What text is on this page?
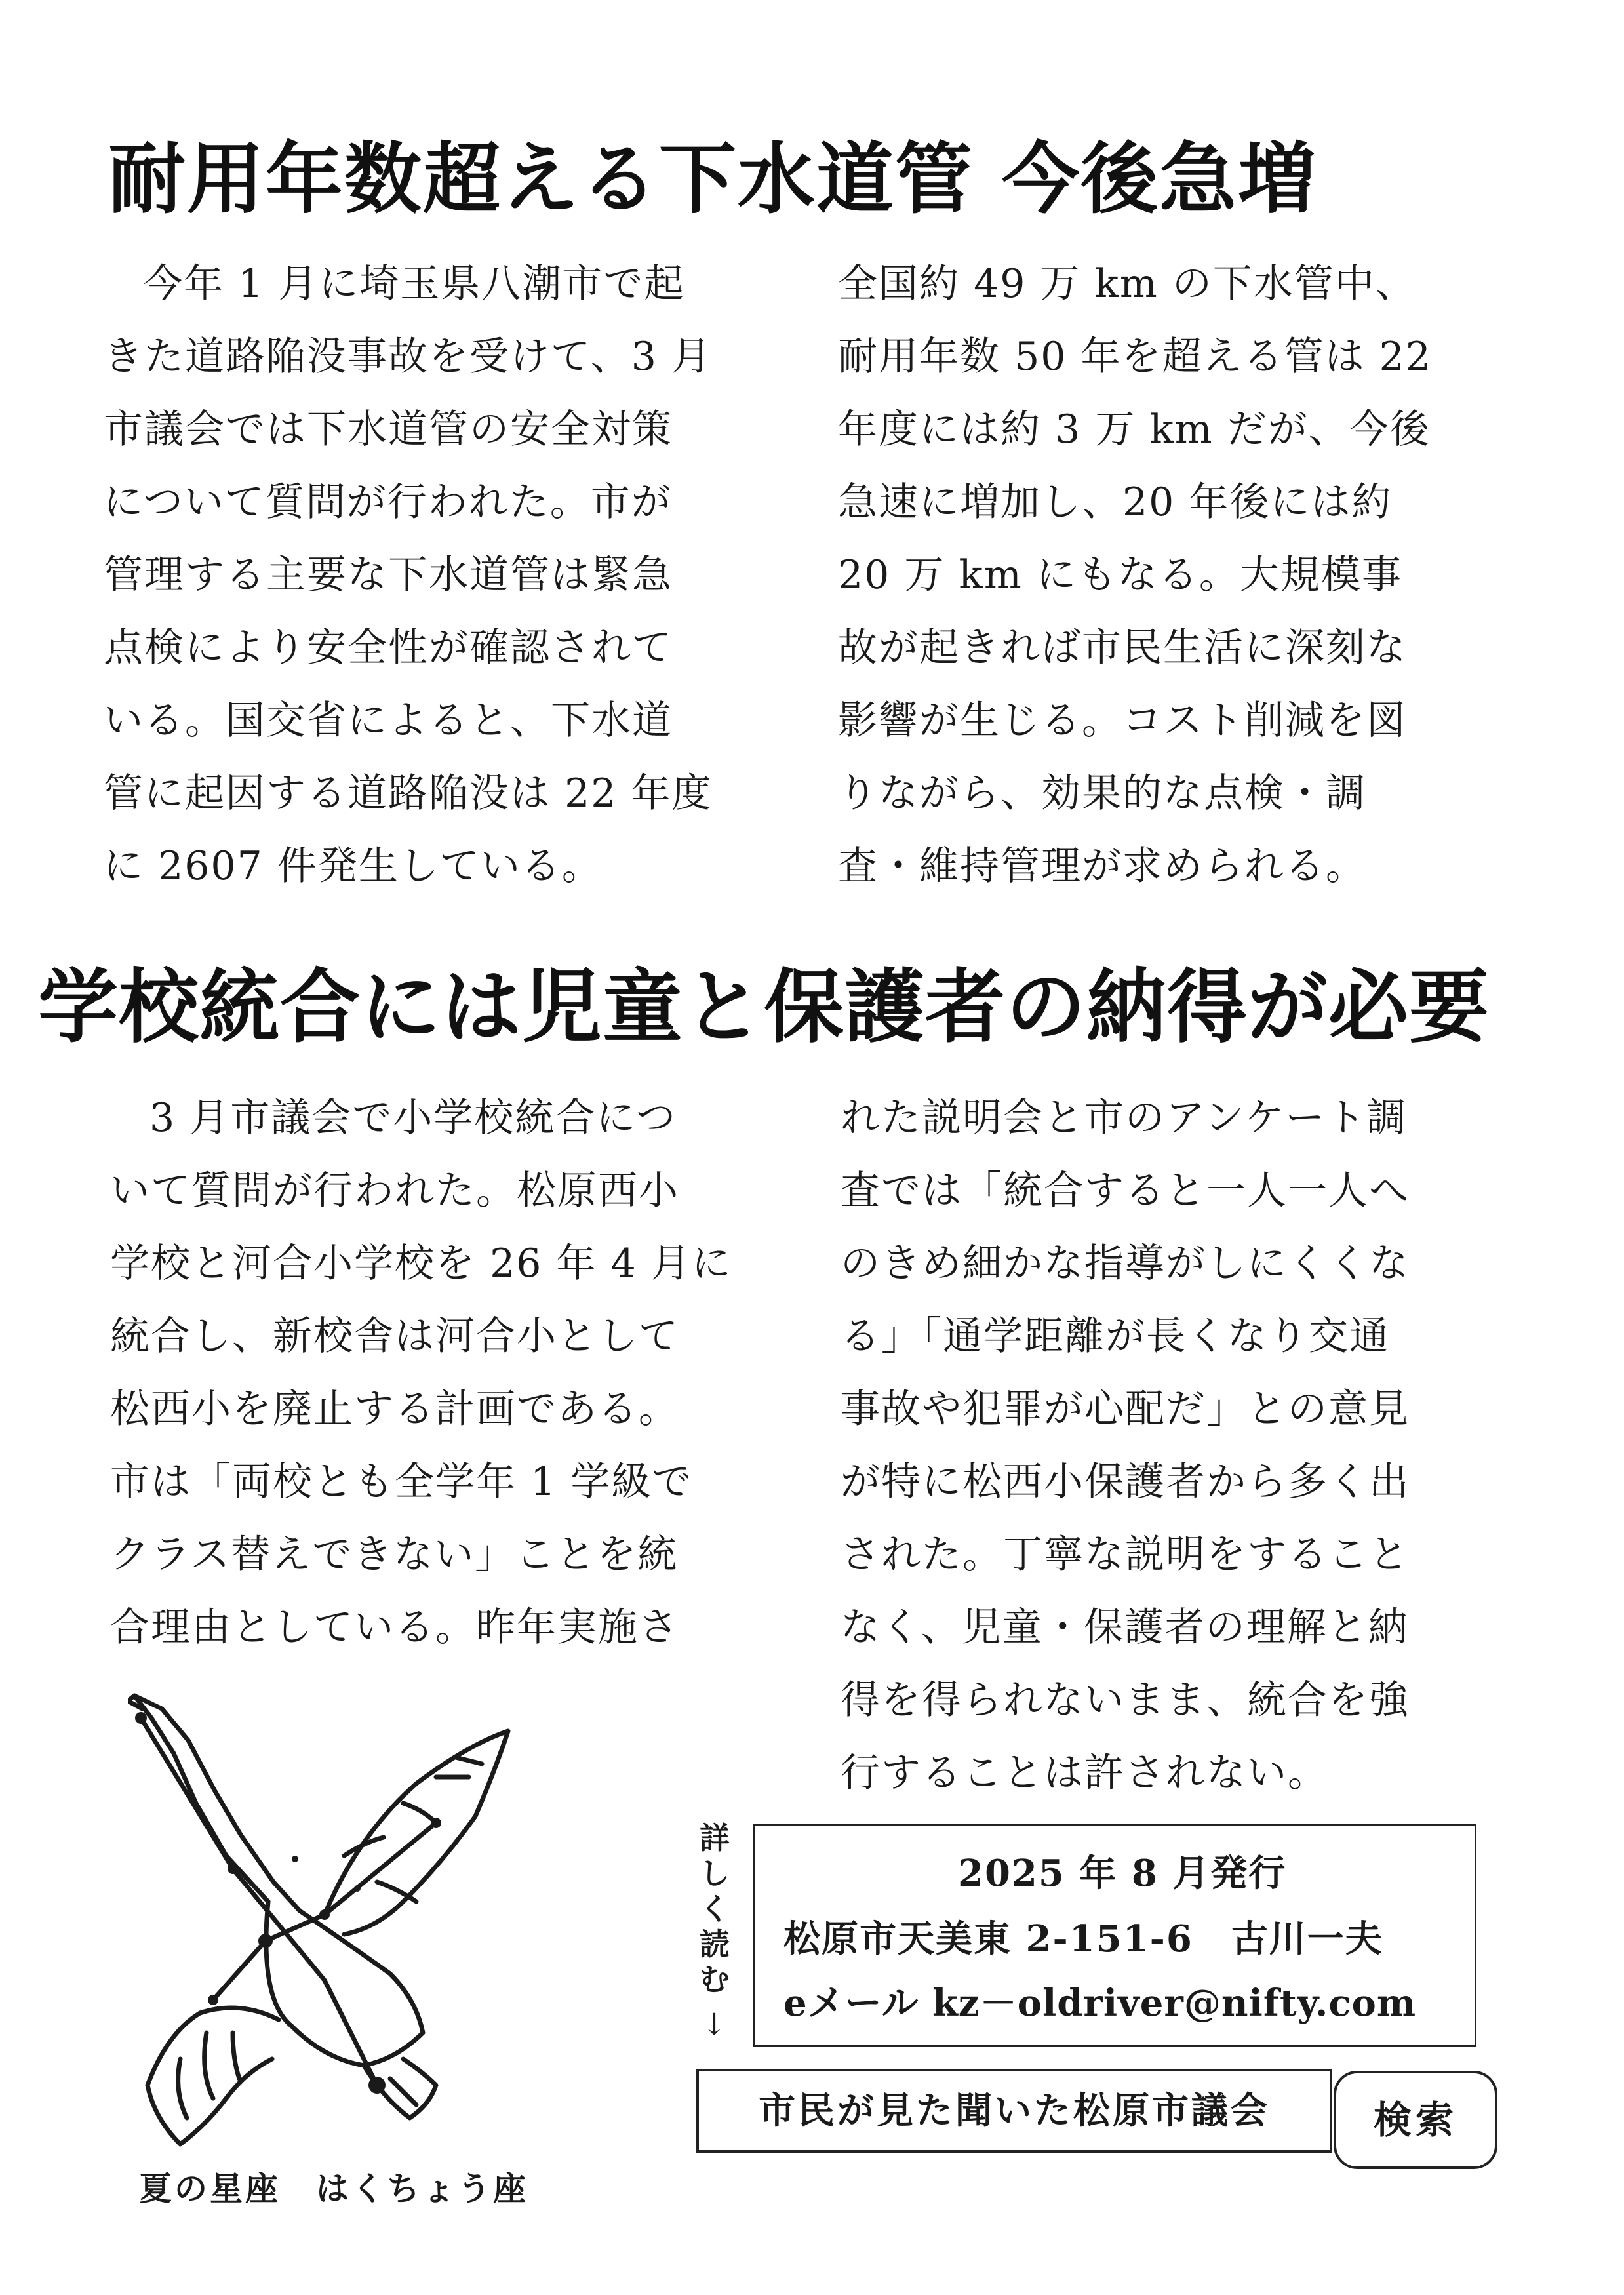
耐用年数超える下水道管 今後急増
今年 1 月に埼玉県八潮市で起
きた道路陥没事故を受けて、3 月
市議会では下水道管の安全対策
について質問が行われた。市が
管理する主要な下水道管は緊急
点検により安全性が確認されて
いる。国交省によると、下水道
管に起因する道路陥没は 22 年度
に 2607 件発生している。
全国約 49 万 km の下水管中、
耐用年数 50 年を超える管は 22
年度には約 3 万 km だが、今後
急速に増加し、20 年後には約
20 万 km にもなる。大規模事
故が起きれば市民生活に深刻な
影響が生じる。コスト削減を図
りながら、効果的な点検・調
査・維持管理が求められる。
学校統合には児童と保護者の納得が必要
3 月市議会で小学校統合につ
いて質問が行われた。松原西小
学校と河合小学校を 26 年 4 月に
統合し、新校舎は河合小として
松西小を廃止する計画である。
市は「両校とも全学年 1 学級で
クラス替えできない」ことを統
合理由としている。昨年実施さ
れた説明会と市のアンケート調
査では「統合すると一人一人へ
のきめ細かな指導がしにくくな
る」「通学距離が長くなり交通
事故や犯罪が心配だ」との意見
が特に松西小保護者から多く出
された。丁寧な説明をすること
なく、児童・保護者の理解と納
得を得られないまま、統合を強
行することは許されない。
夏の星座　はくちょう座
詳
し
く
読
む
↓
2025 年 8 月発行
松原市天美東 2-151-6　古川一夫
eメール kz－oldriver@nifty.com
市民が見た聞いた松原市議会	検索
